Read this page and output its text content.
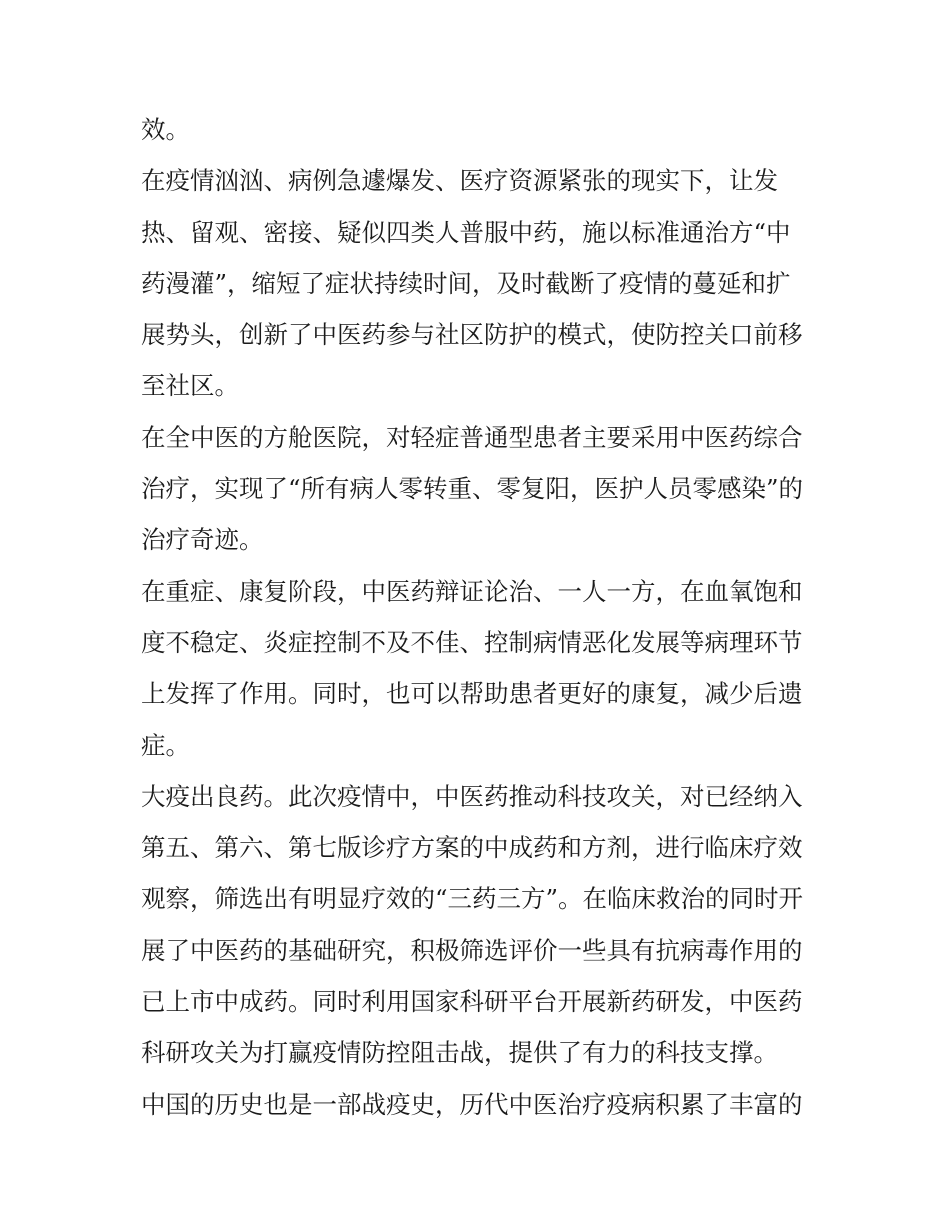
效。
在疫情汹汹、病例急遽爆发、医疗资源紧张的现实下，让发
热、留观、密接、疑似四类人普服中药，施以标准通治方“中
药漫灌”，缩短了症状持续时间，及时截断了疫情的蔓延和扩
展势头，创新了中医药参与社区防护的模式，使防控关口前移
至社区。
在全中医的方舱医院，对轻症普通型患者主要采用中医药综合
治疗，实现了“所有病人零转重、零复阳，医护人员零感染”的
治疗奇迹。
在重症、康复阶段，中医药辩证论治、一人一方，在血氧饱和
度不稳定、炎症控制不及不佳、控制病情恶化发展等病理环节
上发挥了作用。同时，也可以帮助患者更好的康复，减少后遗
症。
大疫出良药。此次疫情中，中医药推动科技攻关，对已经纳入
第五、第六、第七版诊疗方案的中成药和方剂，进行临床疗效
观察，筛选出有明显疗效的“三药三方”。在临床救治的同时开
展了中医药的基础研究，积极筛选评价一些具有抗病毒作用的
已上市中成药。同时利用国家科研平台开展新药研发，中医药
科研攻关为打赢疫情防控阻击战，提供了有力的科技支撑。
中国的历史也是一部战疫史，历代中医治疗疫病积累了丰富的
